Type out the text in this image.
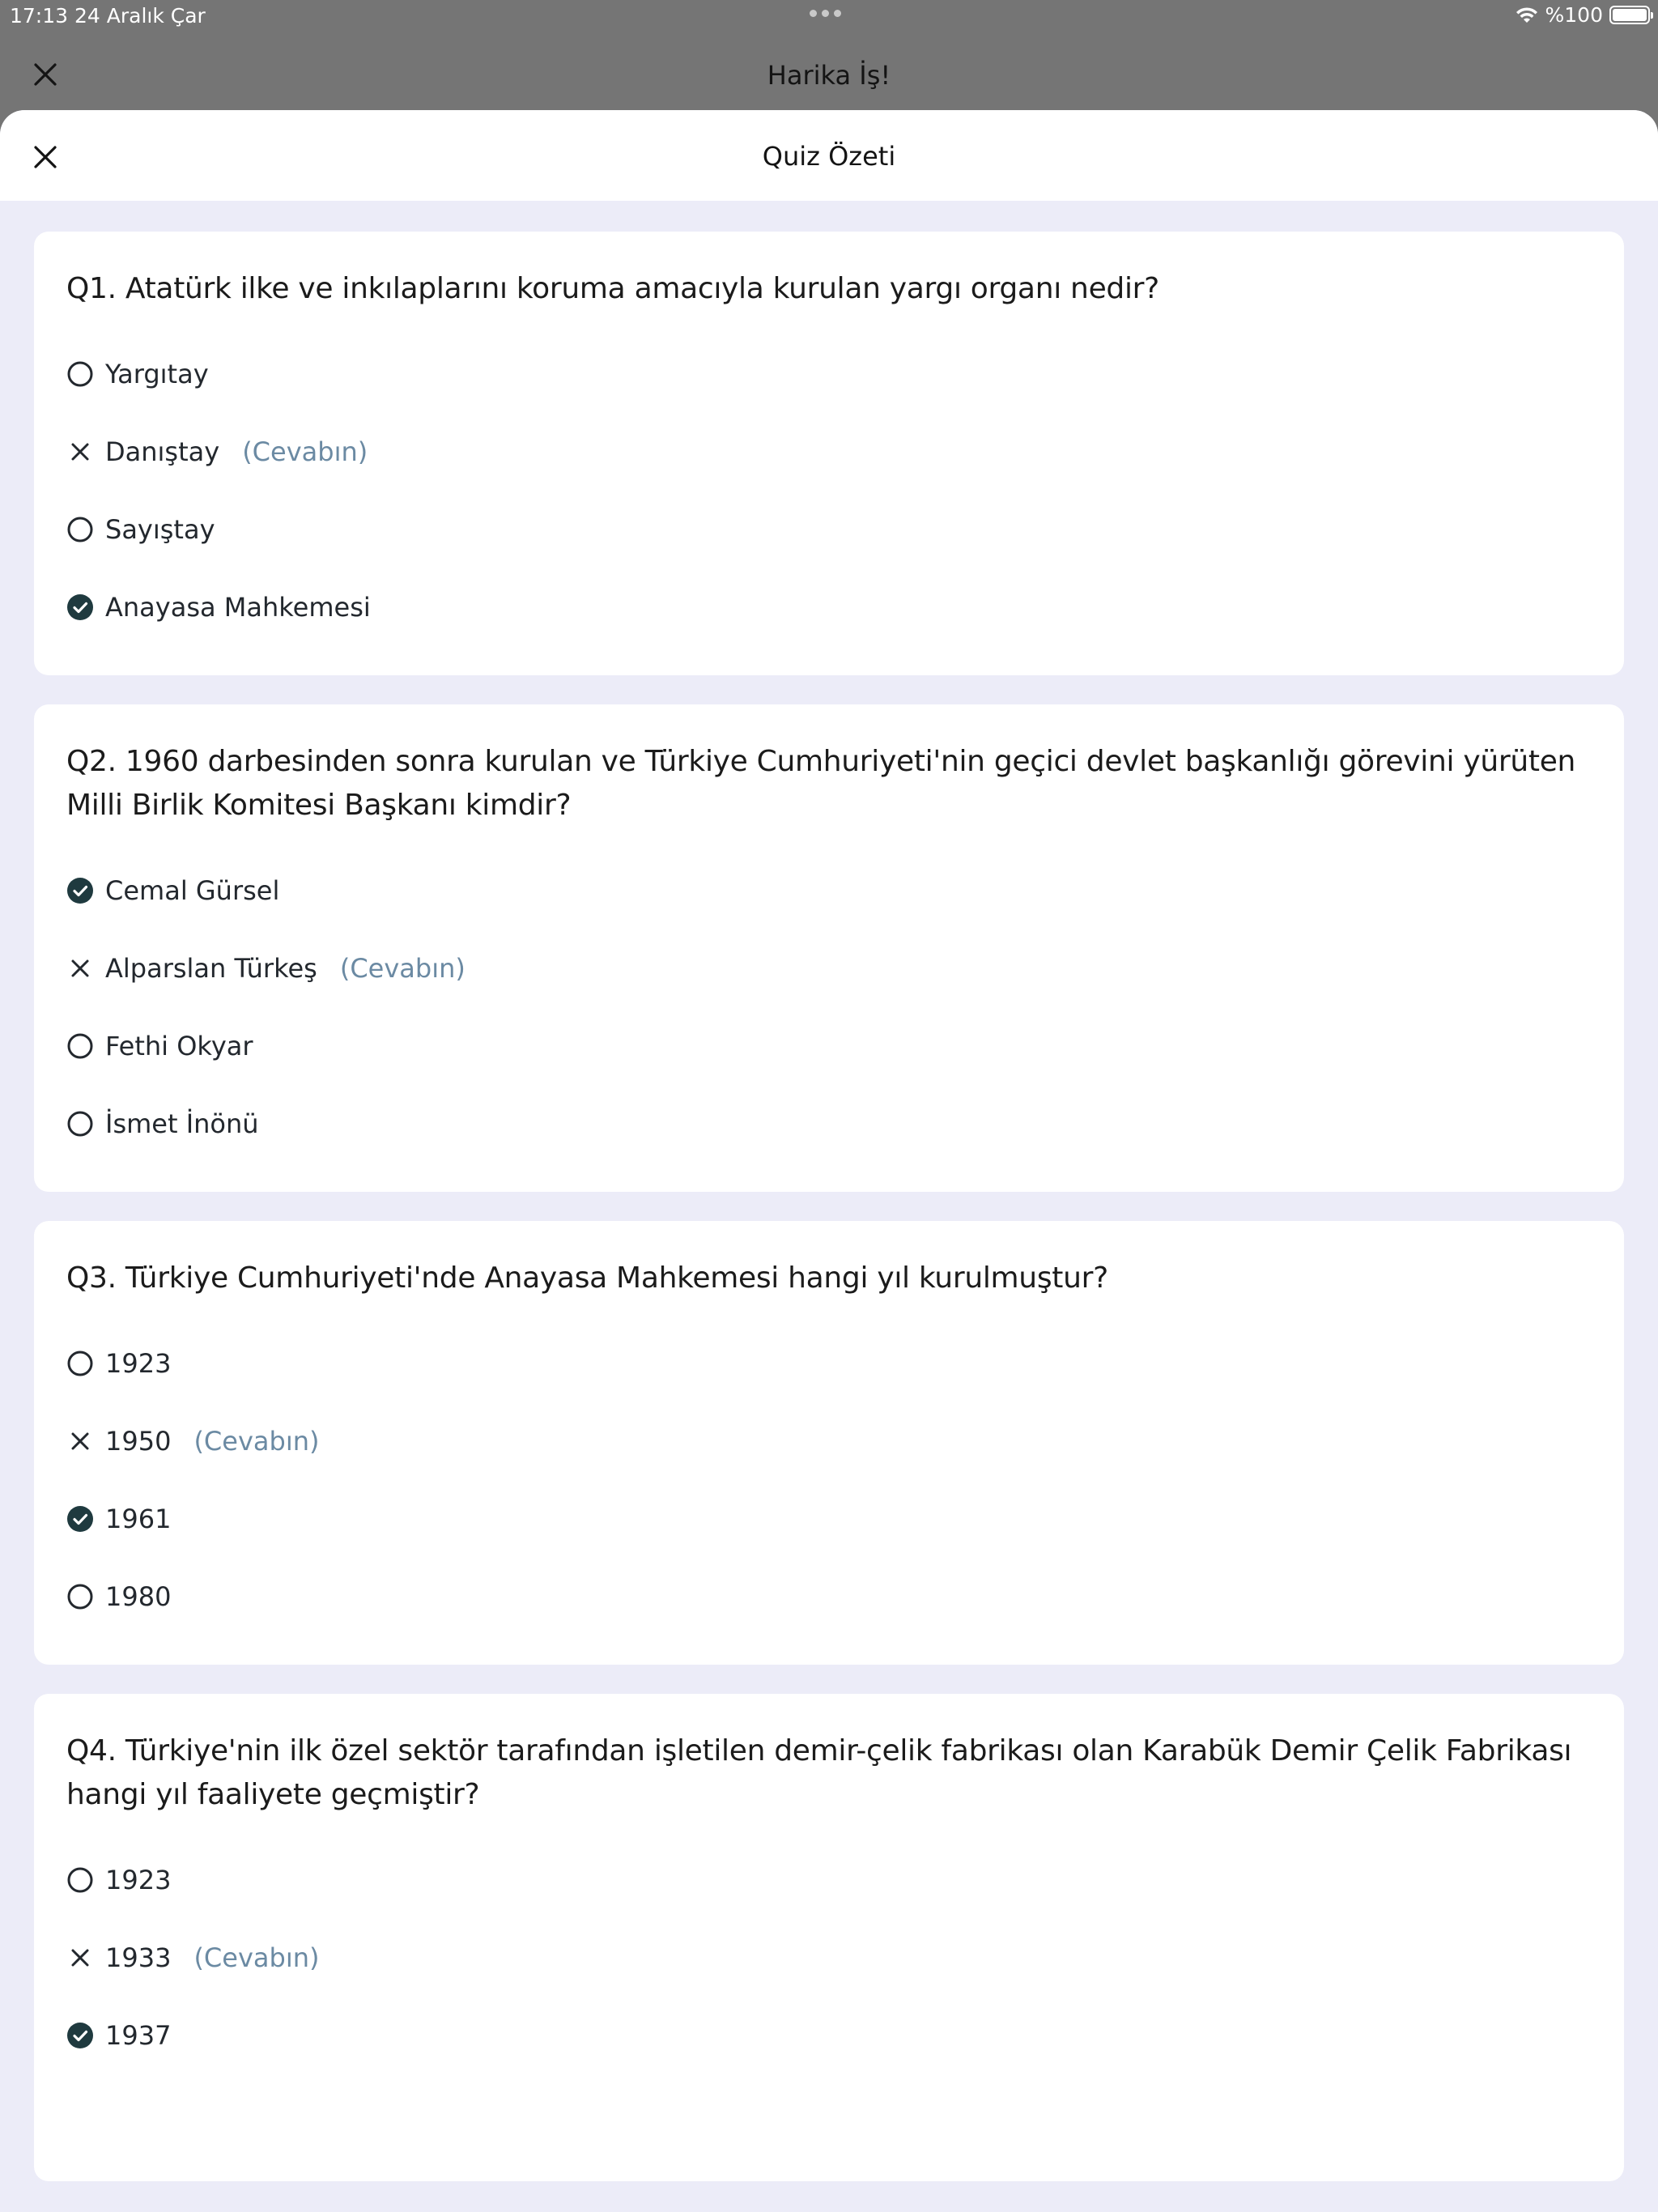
17:13 24 Aralık Çar	%100
Harika İş!
Quiz Özeti
Q1. Atatürk ilke ve inkılaplarını koruma amacıyla kurulan yargı organı nedir?
Yargıtay
Danıştay (Cevabın)
Sayıştay
Anayasa Mahkemesi
Q2. 1960 darbesinden sonra kurulan ve Türkiye Cumhuriyeti'nin geçici devlet başkanlığı görevini yürüten Milli Birlik Komitesi Başkanı kimdir?
Cemal Gürsel
Alparslan Türkeş (Cevabın)
Fethi Okyar
İsmet İnönü
Q3. Türkiye Cumhuriyeti'nde Anayasa Mahkemesi hangi yıl kurulmuştur?
1923
1950 (Cevabın)
1961
1980
Q4. Türkiye'nin ilk özel sektör tarafından işletilen demir-çelik fabrikası olan Karabük Demir Çelik Fabrikası hangi yıl faaliyete geçmiştir?
1923
1933 (Cevabın)
1937
